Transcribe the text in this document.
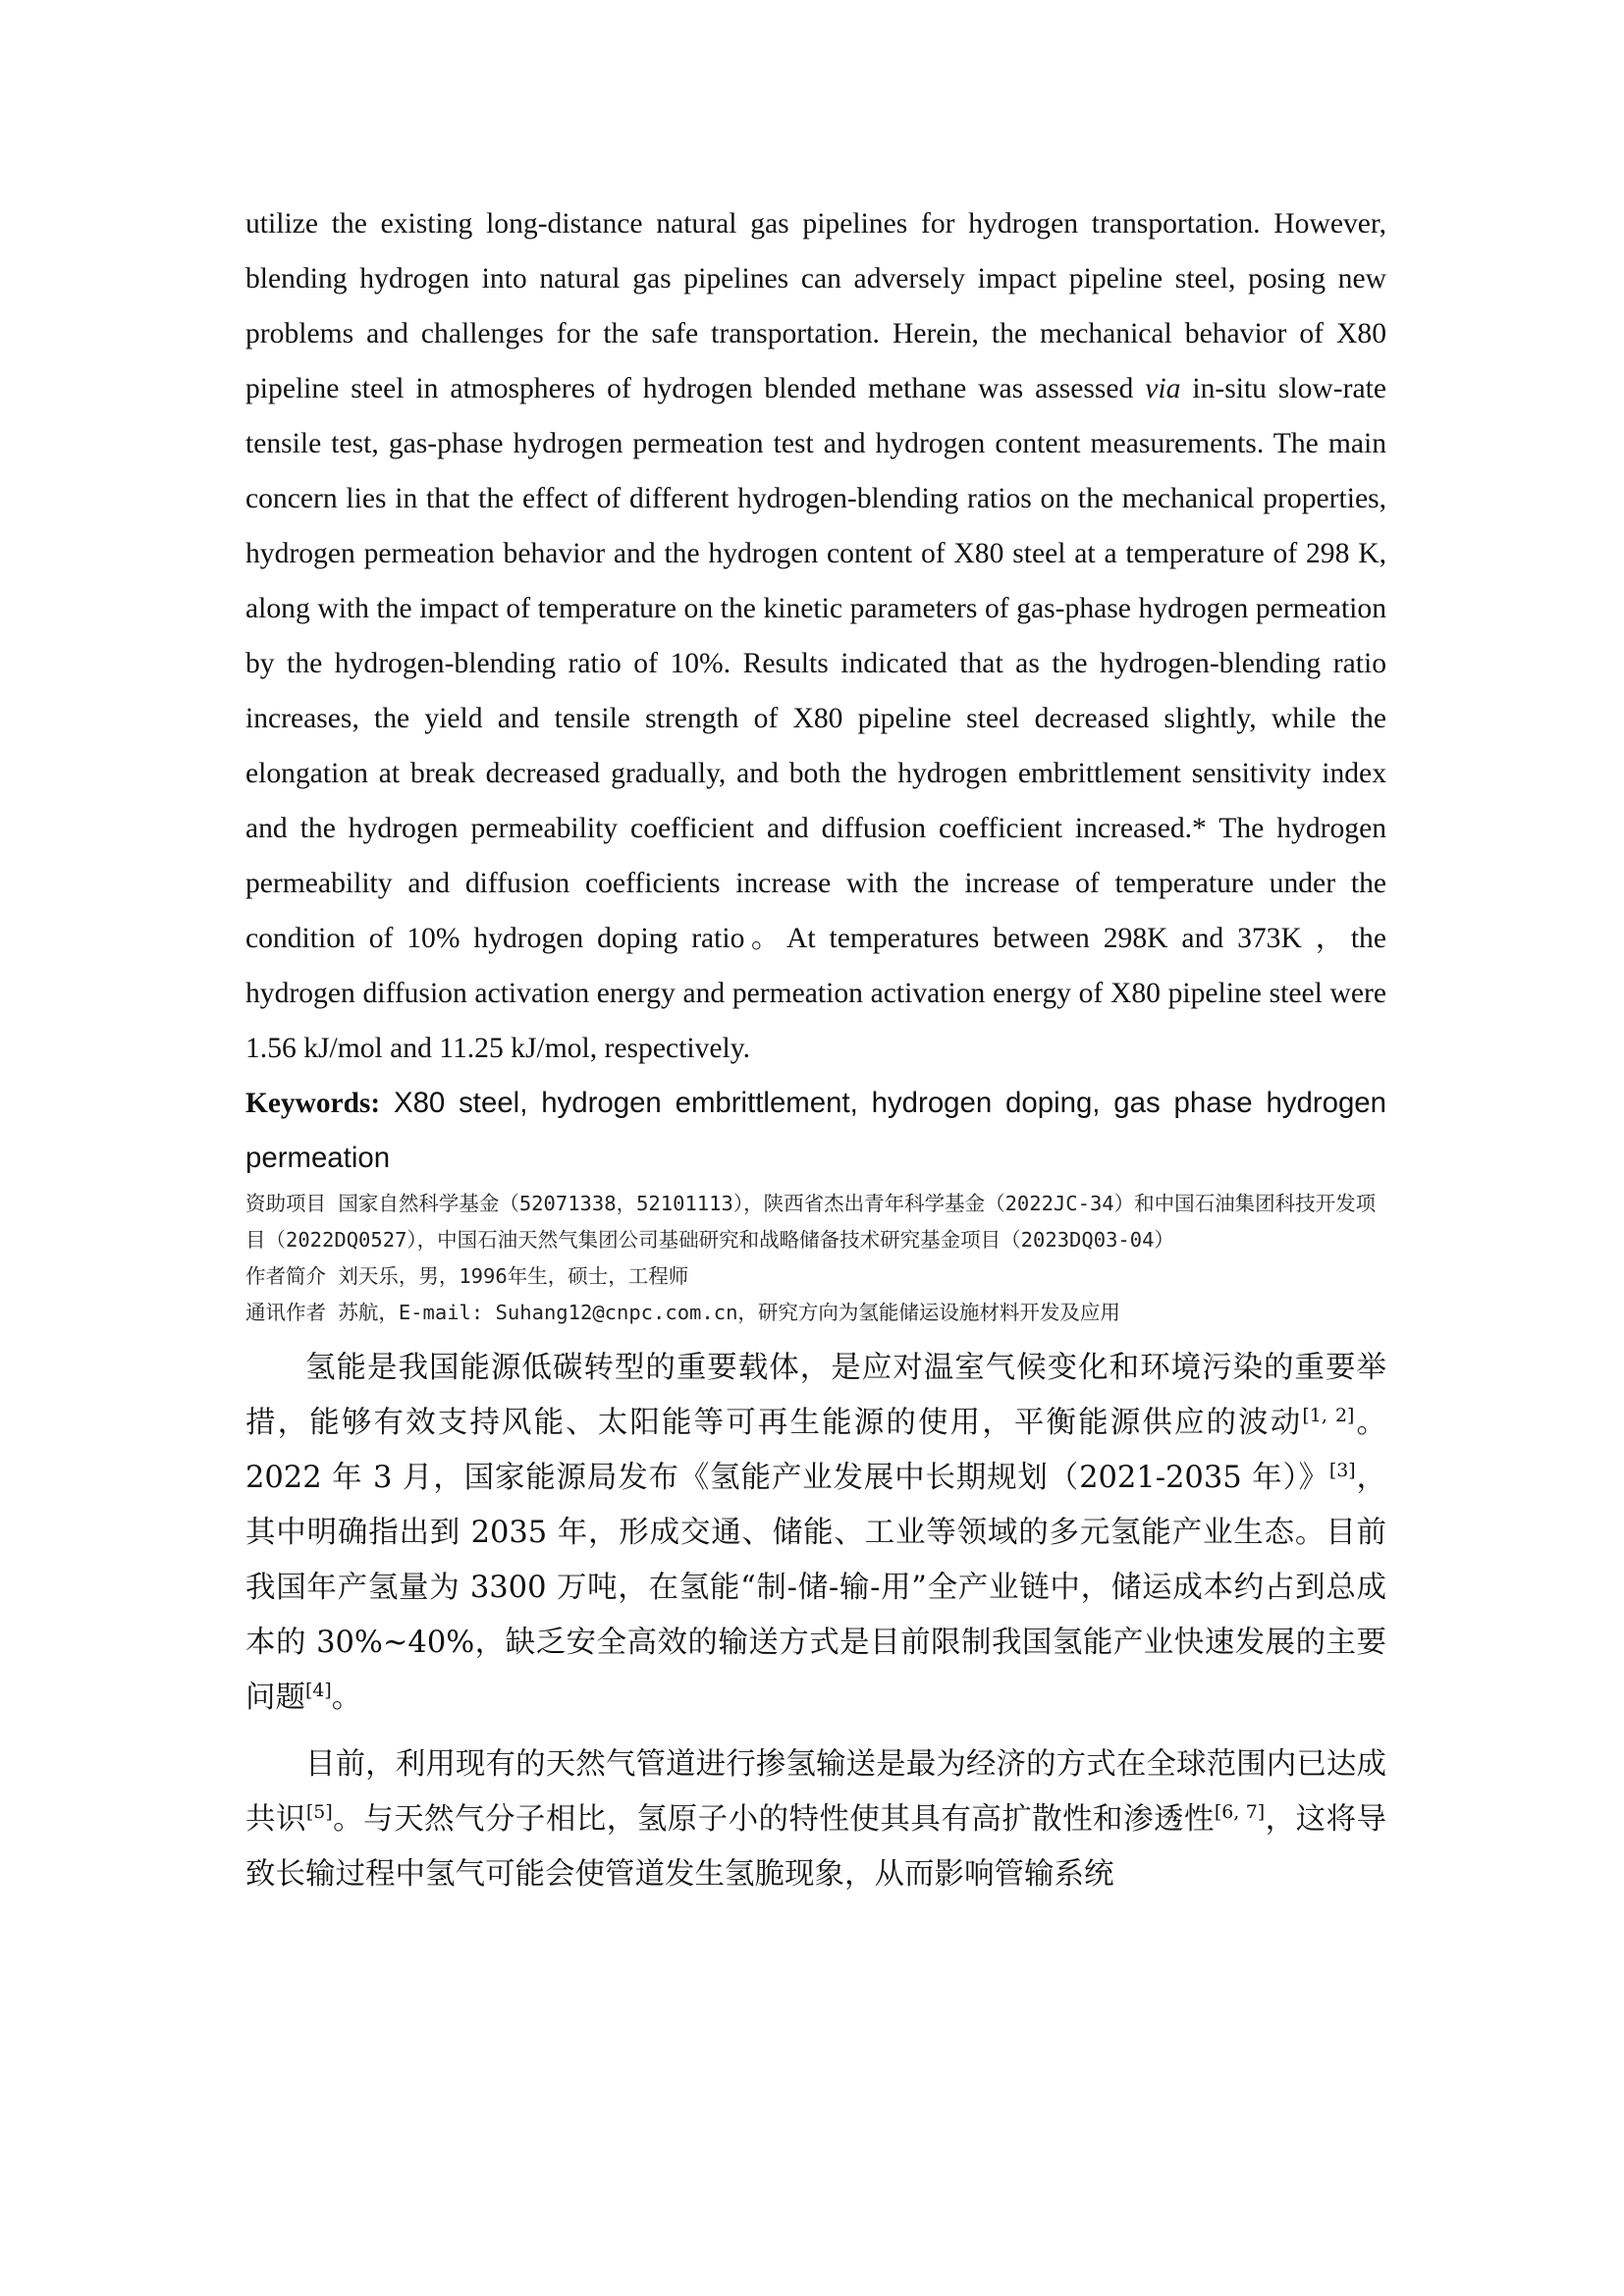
utilize the existing long-distance natural gas pipelines for hydrogen transportation. However, blending hydrogen into natural gas pipelines can adversely impact pipeline steel, posing new problems and challenges for the safe transportation. Herein, the mechanical behavior of X80 pipeline steel in atmospheres of hydrogen blended methane was assessed via in-situ slow-rate tensile test, gas-phase hydrogen permeation test and hydrogen content measurements. The main concern lies in that the effect of different hydrogen-blending ratios on the mechanical properties, hydrogen permeation behavior and the hydrogen content of X80 steel at a temperature of 298 K, along with the impact of temperature on the kinetic parameters of gas-phase hydrogen permeation by the hydrogen-blending ratio of 10%. Results indicated that as the hydrogen-blending ratio increases, the yield and tensile strength of X80 pipeline steel decreased slightly, while the elongation at break decreased gradually, and both the hydrogen embrittlement sensitivity index and the hydrogen permeability coefficient and diffusion coefficient increased.* The hydrogen permeability and diffusion coefficients increase with the increase of temperature under the condition of 10% hydrogen doping ratio。At temperatures between 298K and 373K ，the hydrogen diffusion activation energy and permeation activation energy of X80 pipeline steel were 1.56 kJ/mol and 11.25 kJ/mol, respectively.

Keywords: X80 steel, hydrogen embrittlement, hydrogen doping, gas phase hydrogen permeation

资助项目 国家自然科学基金（52071338，52101113），陕西省杰出青年科学基金（2022JC-34）和中国石油集团科技开发项目（2022DQ0527），中国石油天然气集团公司基础研究和战略储备技术研究基金项目（2023DQ03-04）

作者简介 刘天乐，男，1996年生，硕士，工程师

通讯作者 苏航，E-mail: Suhang12@cnpc.com.cn，研究方向为氢能储运设施材料开发及应用

氢能是我国能源低碳转型的重要载体，是应对温室气候变化和环境污染的重要举措，能够有效支持风能、太阳能等可再生能源的使用，平衡能源供应的波动[1, 2]。2022 年 3 月，国家能源局发布《氢能产业发展中长期规划（2021-2035 年）》[3]，其中明确指出到 2035 年，形成交通、储能、工业等领域的多元氢能产业生态。目前我国年产氢量为 3300 万吨，在氢能“制-储-输-用”全产业链中，储运成本约占到总成本的 30%~40%，缺乏安全高效的输送方式是目前限制我国氢能产业快速发展的主要问题[4]。

目前，利用现有的天然气管道进行掺氢输送是最为经济的方式在全球范围内已达成共识[5]。与天然气分子相比，氢原子小的特性使其具有高扩散性和渗透性[6, 7]，这将导致长输过程中氢气可能会使管道发生氢脆现象，从而影响管输系统
